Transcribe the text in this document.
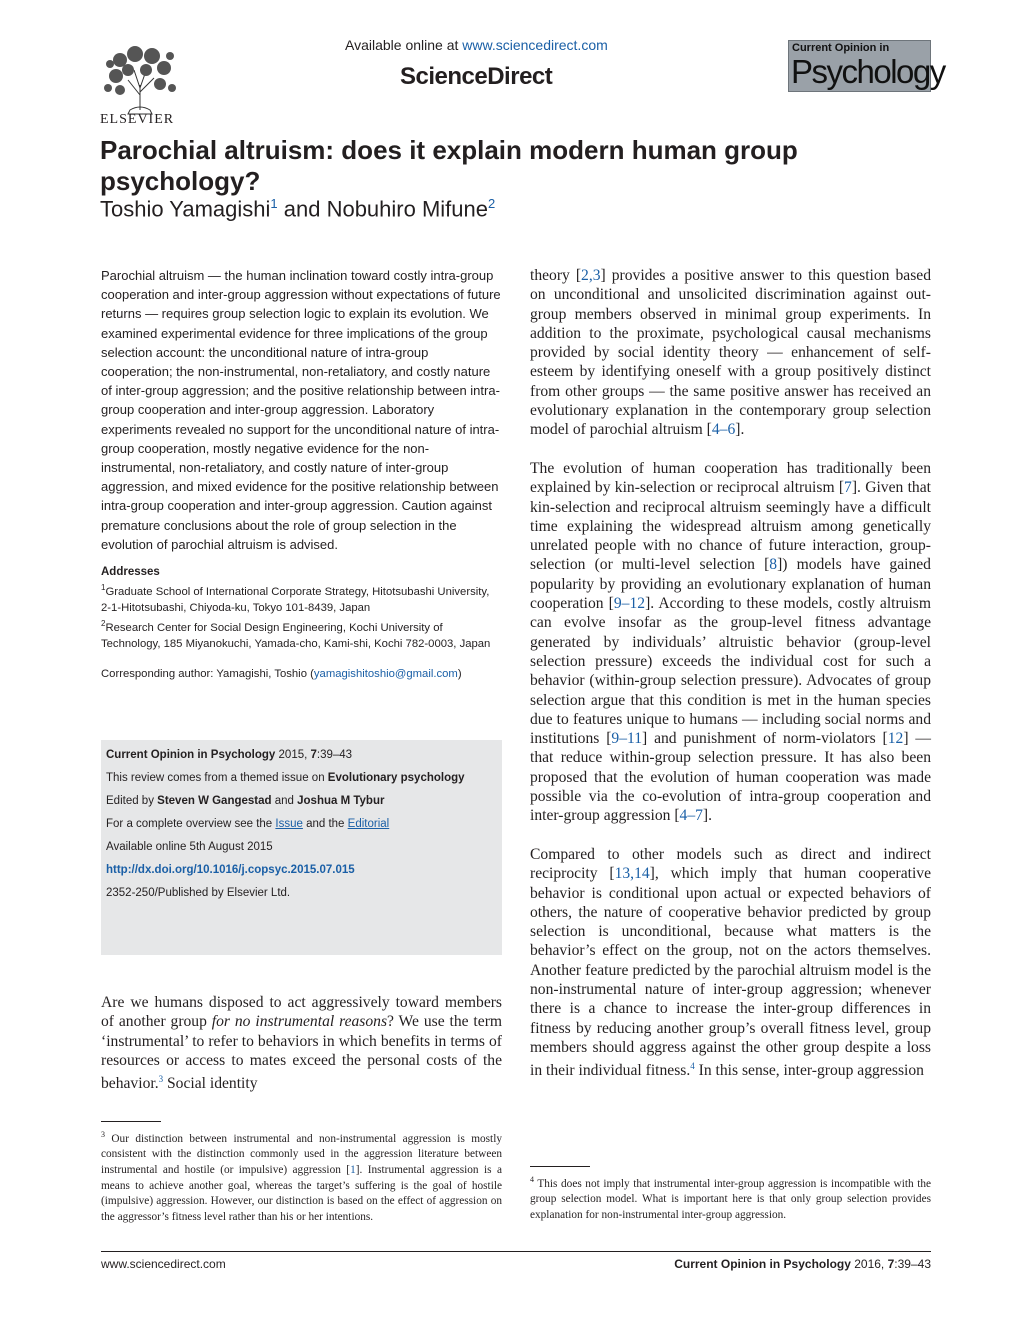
ELSEVIER
Available online at www.sciencedirect.com
ScienceDirect
Current Opinion in
Psychology
Parochial altruism: does it explain modern human group psychology?
Toshio Yamagishi$^1$ and Nobuhiro Mifune$^2$
Parochial altruism — the human inclination toward costly intra-group cooperation and inter-group aggression without expectations of future returns — requires group selection logic to explain its evolution. We examined experimental evidence for three implications of the group selection account: the unconditional nature of intra-group cooperation; the non-instrumental, non-retaliatory, and costly nature of inter-group aggression; and the positive relationship between intra-group cooperation and inter-group aggression. Laboratory experiments revealed no support for the unconditional nature of intra-group cooperation, mostly negative evidence for the non-instrumental, non-retaliatory, and costly nature of inter-group aggression, and mixed evidence for the positive relationship between intra-group cooperation and inter-group aggression. Caution against premature conclusions about the role of group selection in the evolution of parochial altruism is advised.
Addresses
$^1$Graduate School of International Corporate Strategy, Hitotsubashi University, 2-1-Hitotsubashi, Chiyoda-ku, Tokyo 101-8439, Japan
$^2$Research Center for Social Design Engineering, Kochi University of Technology, 185 Miyanokuchi, Yamada-cho, Kami-shi, Kochi 782-0003, Japan
Corresponding author: Yamagishi, Toshio (yamagishitoshio@gmail.com)
Current Opinion in Psychology 2015, 7:39–43
This review comes from a themed issue on Evolutionary psychology
Edited by Steven W Gangestad and Joshua M Tybur
For a complete overview see the Issue and the Editorial
Available online 5th August 2015
http://dx.doi.org/10.1016/j.copsyc.2015.07.015
2352-250/Published by Elsevier Ltd.
Are we humans disposed to act aggressively toward members of another group for no instrumental reasons? We use the term ‘instrumental’ to refer to behaviors in which benefits in terms of resources or access to mates exceed the personal costs of the behavior.$^3$ Social identity
$^3$ Our distinction between instrumental and non-instrumental aggression is mostly consistent with the distinction commonly used in the aggression literature between instrumental and hostile (or impulsive) aggression [1]. Instrumental aggression is a means to achieve another goal, whereas the target’s suffering is the goal of hostile (impulsive) aggression. However, our distinction is based on the effect of aggression on the aggressor’s fitness level rather than his or her intentions.

theory [2,3] provides a positive answer to this question based on unconditional and unsolicited discrimination against out-group members observed in minimal group experiments. In addition to the proximate, psychological causal mechanisms provided by social identity theory — enhancement of self-esteem by identifying oneself with a group positively distinct from other groups — the same positive answer has received an evolutionary explanation in the contemporary group selection model of parochial altruism [4–6].

The evolution of human cooperation has traditionally been explained by kin-selection or reciprocal altruism [7]. Given that kin-selection and reciprocal altruism seemingly have a difficult time explaining the widespread altruism among genetically unrelated people with no chance of future interaction, group-selection (or multi-level selection [8]) models have gained popularity by providing an evolutionary explanation of human cooperation [9–12]. According to these models, costly altruism can evolve insofar as the group-level fitness advantage generated by individuals’ altruistic behavior (group-level selection pressure) exceeds the individual cost for such a behavior (within-group selection pressure). Advocates of group selection argue that this condition is met in the human species due to features unique to humans — including social norms and institutions [9–11] and punishment of norm-violators [12] — that reduce within-group selection pressure. It has also been proposed that the evolution of human cooperation was made possible via the co-evolution of intra-group cooperation and inter-group aggression [4–7].

Compared to other models such as direct and indirect reciprocity [13,14], which imply that human cooperative behavior is conditional upon actual or expected behaviors of others, the nature of cooperative behavior predicted by group selection is unconditional, because what matters is the behavior’s effect on the group, not on the actors themselves. Another feature predicted by the parochial altruism model is the non-instrumental nature of inter-group aggression; whenever there is a chance to increase the inter-group differences in fitness by reducing another group’s overall fitness level, group members should aggress against the other group despite a loss in their individual fitness.$^4$ In this sense, inter-group aggression

$^4$ This does not imply that instrumental inter-group aggression is incompatible with the group selection model. What is important here is that only group selection provides explanation for non-instrumental inter-group aggression.
www.sciencedirect.com	Current Opinion in Psychology 2016, 7:39–43
